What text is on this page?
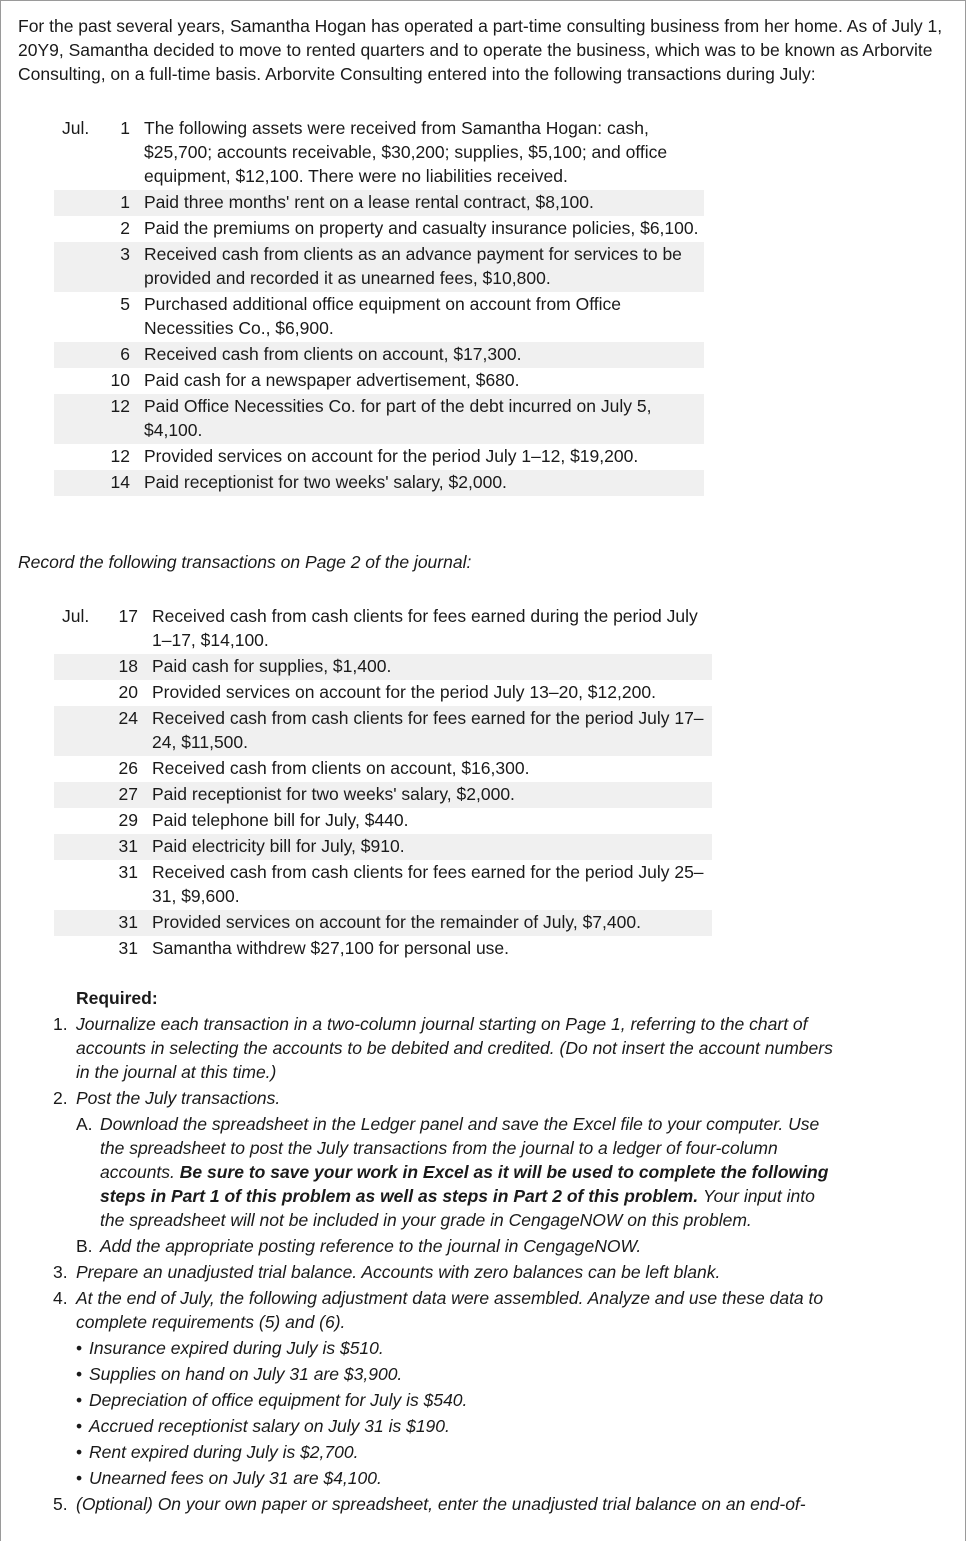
For the past several years, Samantha Hogan has operated a part-time consulting business from her home. As of July 1, 20Y9, Samantha decided to move to rented quarters and to operate the business, which was to be known as Arborvite Consulting, on a full-time basis. Arborvite Consulting entered into the following transactions during July:

Jul. 1	The following assets were received from Samantha Hogan: cash, $25,700; accounts receivable, $30,200; supplies, $5,100; and office equipment, $12,100. There were no liabilities received.
1	Paid three months' rent on a lease rental contract, $8,100.
2	Paid the premiums on property and casualty insurance policies, $6,100.
3	Received cash from clients as an advance payment for services to be provided and recorded it as unearned fees, $10,800.
5	Purchased additional office equipment on account from Office Necessities Co., $6,900.
6	Received cash from clients on account, $17,300.
10	Paid cash for a newspaper advertisement, $680.
12	Paid Office Necessities Co. for part of the debt incurred on July 5, $4,100.
12	Provided services on account for the period July 1–12, $19,200.
14	Paid receptionist for two weeks' salary, $2,000.

Record the following transactions on Page 2 of the journal:

Jul. 17	Received cash from cash clients for fees earned during the period July 1–17, $14,100.
18	Paid cash for supplies, $1,400.
20	Provided services on account for the period July 13–20, $12,200.
24	Received cash from cash clients for fees earned for the period July 17–24, $11,500.
26	Received cash from clients on account, $16,300.
27	Paid receptionist for two weeks' salary, $2,000.
29	Paid telephone bill for July, $440.
31	Paid electricity bill for July, $910.
31	Received cash from cash clients for fees earned for the period July 25–31, $9,600.
31	Provided services on account for the remainder of July, $7,400.
31	Samantha withdrew $27,100 for personal use.
Required:
1. Journalize each transaction in a two-column journal starting on Page 1, referring to the chart of accounts in selecting the accounts to be debited and credited. (Do not insert the account numbers in the journal at this time.)
2. Post the July transactions.
A. Download the spreadsheet in the Ledger panel and save the Excel file to your computer. Use the spreadsheet to post the July transactions from the journal to a ledger of four-column accounts. Be sure to save your work in Excel as it will be used to complete the following steps in Part 1 of this problem as well as steps in Part 2 of this problem. Your input into the spreadsheet will not be included in your grade in CengageNOW on this problem.
B. Add the appropriate posting reference to the journal in CengageNOW.
3. Prepare an unadjusted trial balance. Accounts with zero balances can be left blank.
4. At the end of July, the following adjustment data were assembled. Analyze and use these data to complete requirements (5) and (6).
• Insurance expired during July is $510.
• Supplies on hand on July 31 are $3,900.
• Depreciation of office equipment for July is $540.
• Accrued receptionist salary on July 31 is $190.
• Rent expired during July is $2,700.
• Unearned fees on July 31 are $4,100.
5. (Optional) On your own paper or spreadsheet, enter the unadjusted trial balance on an end-of-
